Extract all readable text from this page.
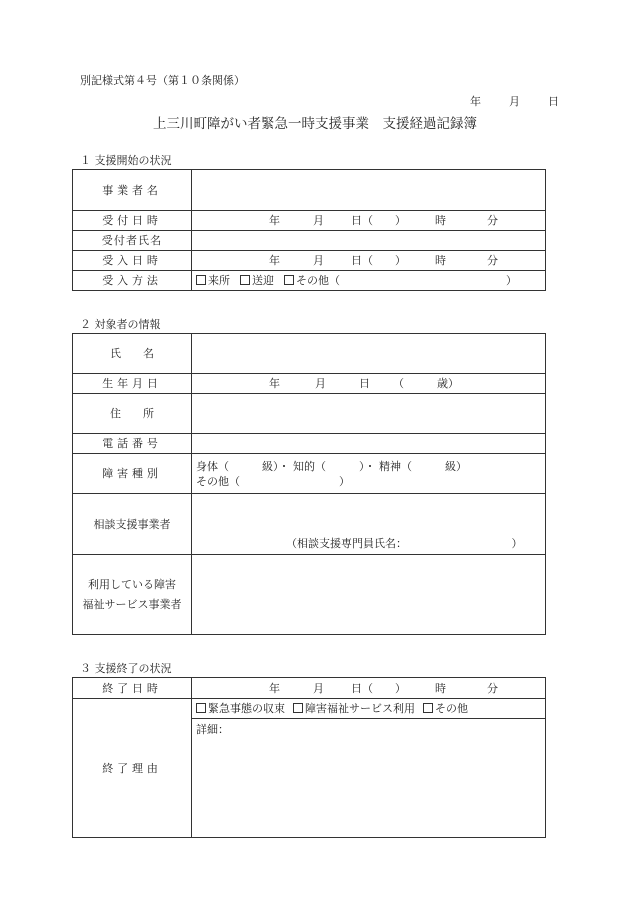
別記様式第４号（第１０条関係）
年	月	日
上三川町障がい者緊急一時支援事業　支援経過記録簿
１ 支援開始の状況
事業者名	
受付日時	年 月 日（　　） 時 分

受付者氏名	
受入日時	年 月 日（　　） 時 分

受入方法	来所 送迎 その他（ ）
２ 対象者の情報
氏　　名	
生年月日	年 月 日 （　　　歳）

住　　所	
電話番号	
障害種別	身体（　　　級）・ 知的（　　　）・ 精神（　　　級）
その他（　　　　　　　　　）

相談支援事業者	（相談支援専門員氏名：　　　　　　　　　　）

利用している障害
福祉サービス事業者	

３ 支援終了の状況
終了日時	年 月 日（　　） 時 分

終了理由	緊急事態の収束 障害福祉サービス利用 その他

	詳細：
